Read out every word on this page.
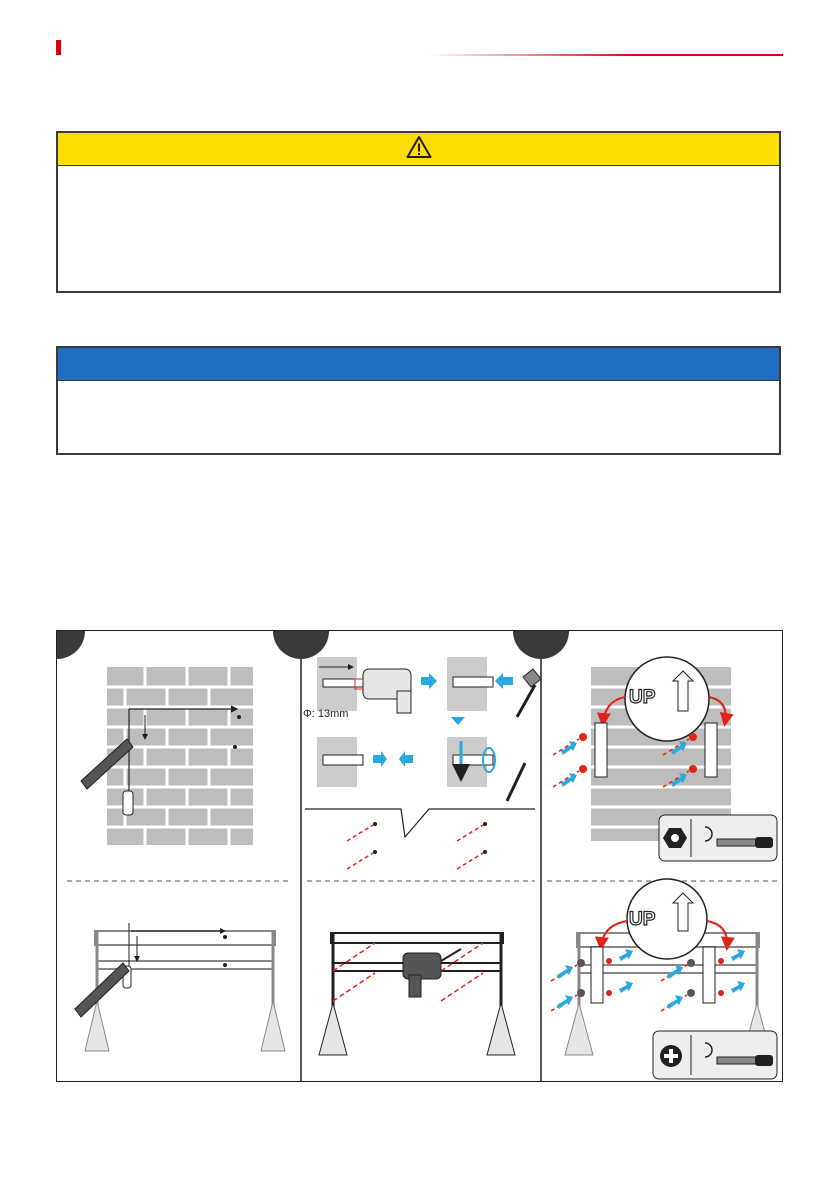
Φ: 13mm
UP
UP
